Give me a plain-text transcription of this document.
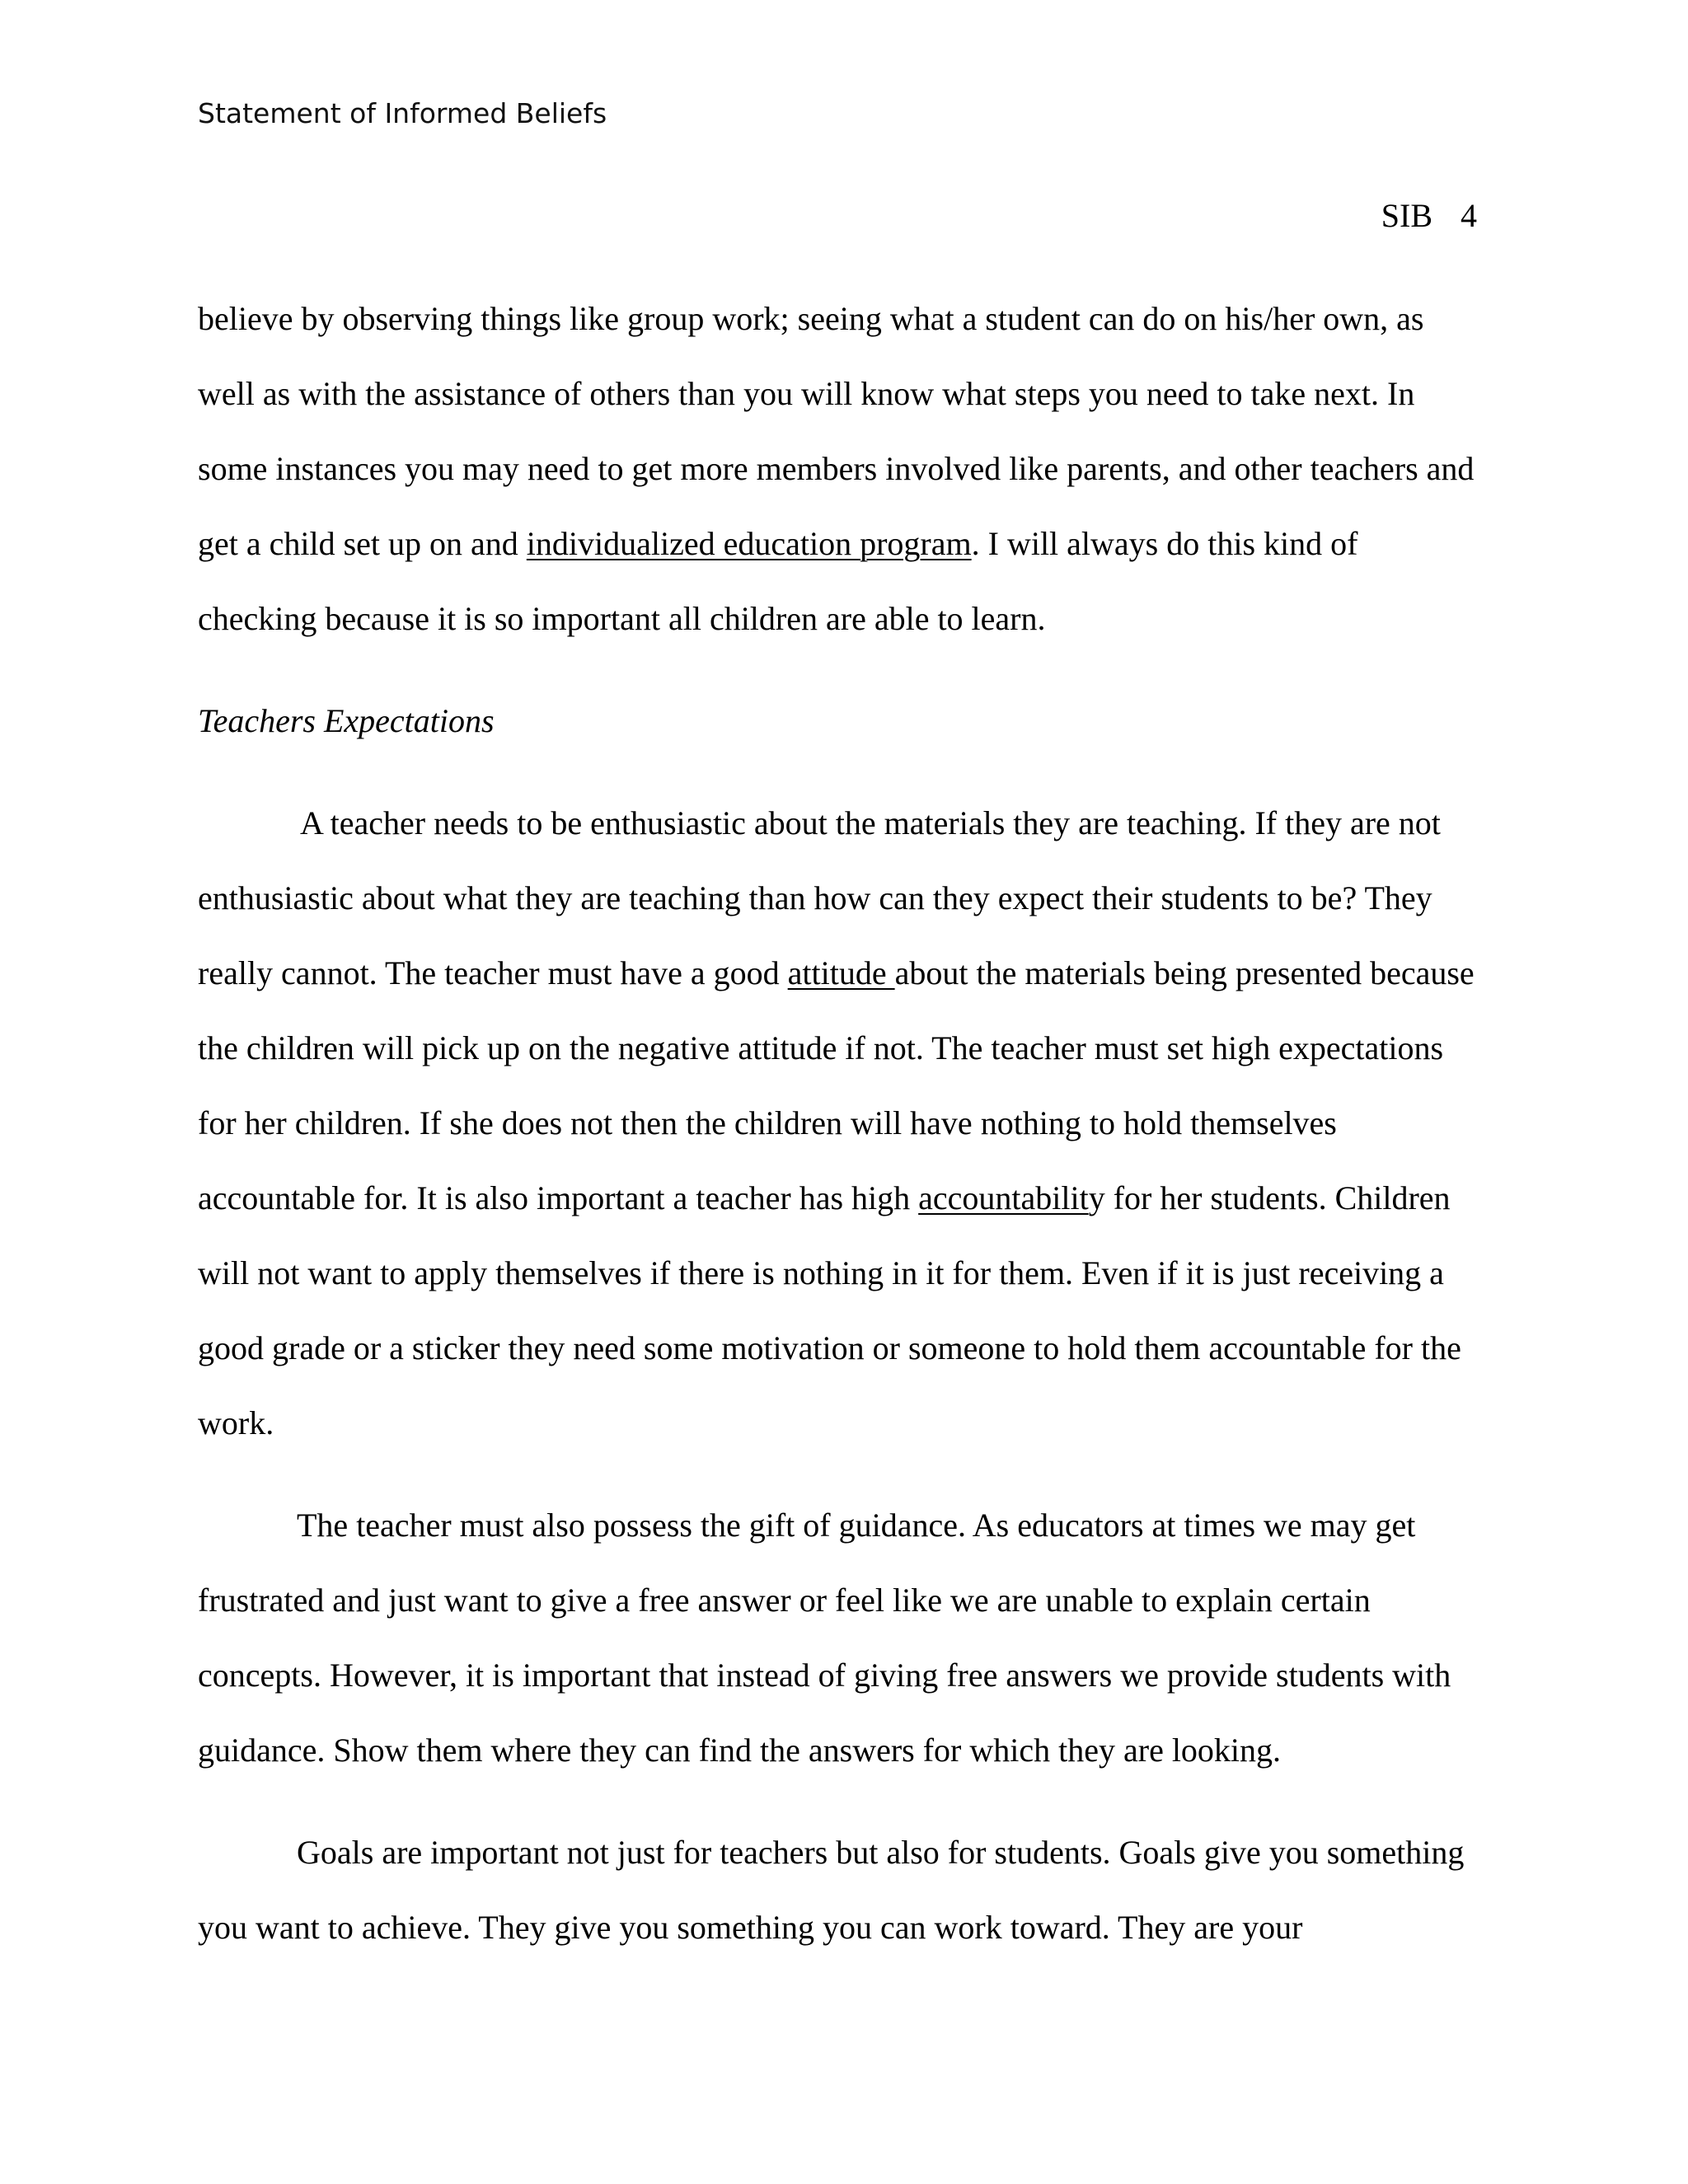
Statement of Informed Beliefs
SIB 4
believe by observing things like group work; seeing what a student can do on his/her own, as
well as with the assistance of others than you will know what steps you need to take next. In
some instances you may need to get more members involved like parents, and other teachers and
get a child set up on and individualized education program. I will always do this kind of
checking because it is so important all children are able to learn.
Teachers Expectations
A teacher needs to be enthusiastic about the materials they are teaching. If they are not
enthusiastic about what they are teaching than how can they expect their students to be? They
really cannot. The teacher must have a good attitude about the materials being presented because
the children will pick up on the negative attitude if not. The teacher must set high expectations
for her children. If she does not then the children will have nothing to hold themselves
accountable for. It is also important a teacher has high accountability for her students. Children
will not want to apply themselves if there is nothing in it for them. Even if it is just receiving a
good grade or a sticker they need some motivation or someone to hold them accountable for the
work.
The teacher must also possess the gift of guidance. As educators at times we may get
frustrated and just want to give a free answer or feel like we are unable to explain certain
concepts. However, it is important that instead of giving free answers we provide students with
guidance. Show them where they can find the answers for which they are looking.
Goals are important not just for teachers but also for students. Goals give you something
you want to achieve. They give you something you can work toward. They are your
